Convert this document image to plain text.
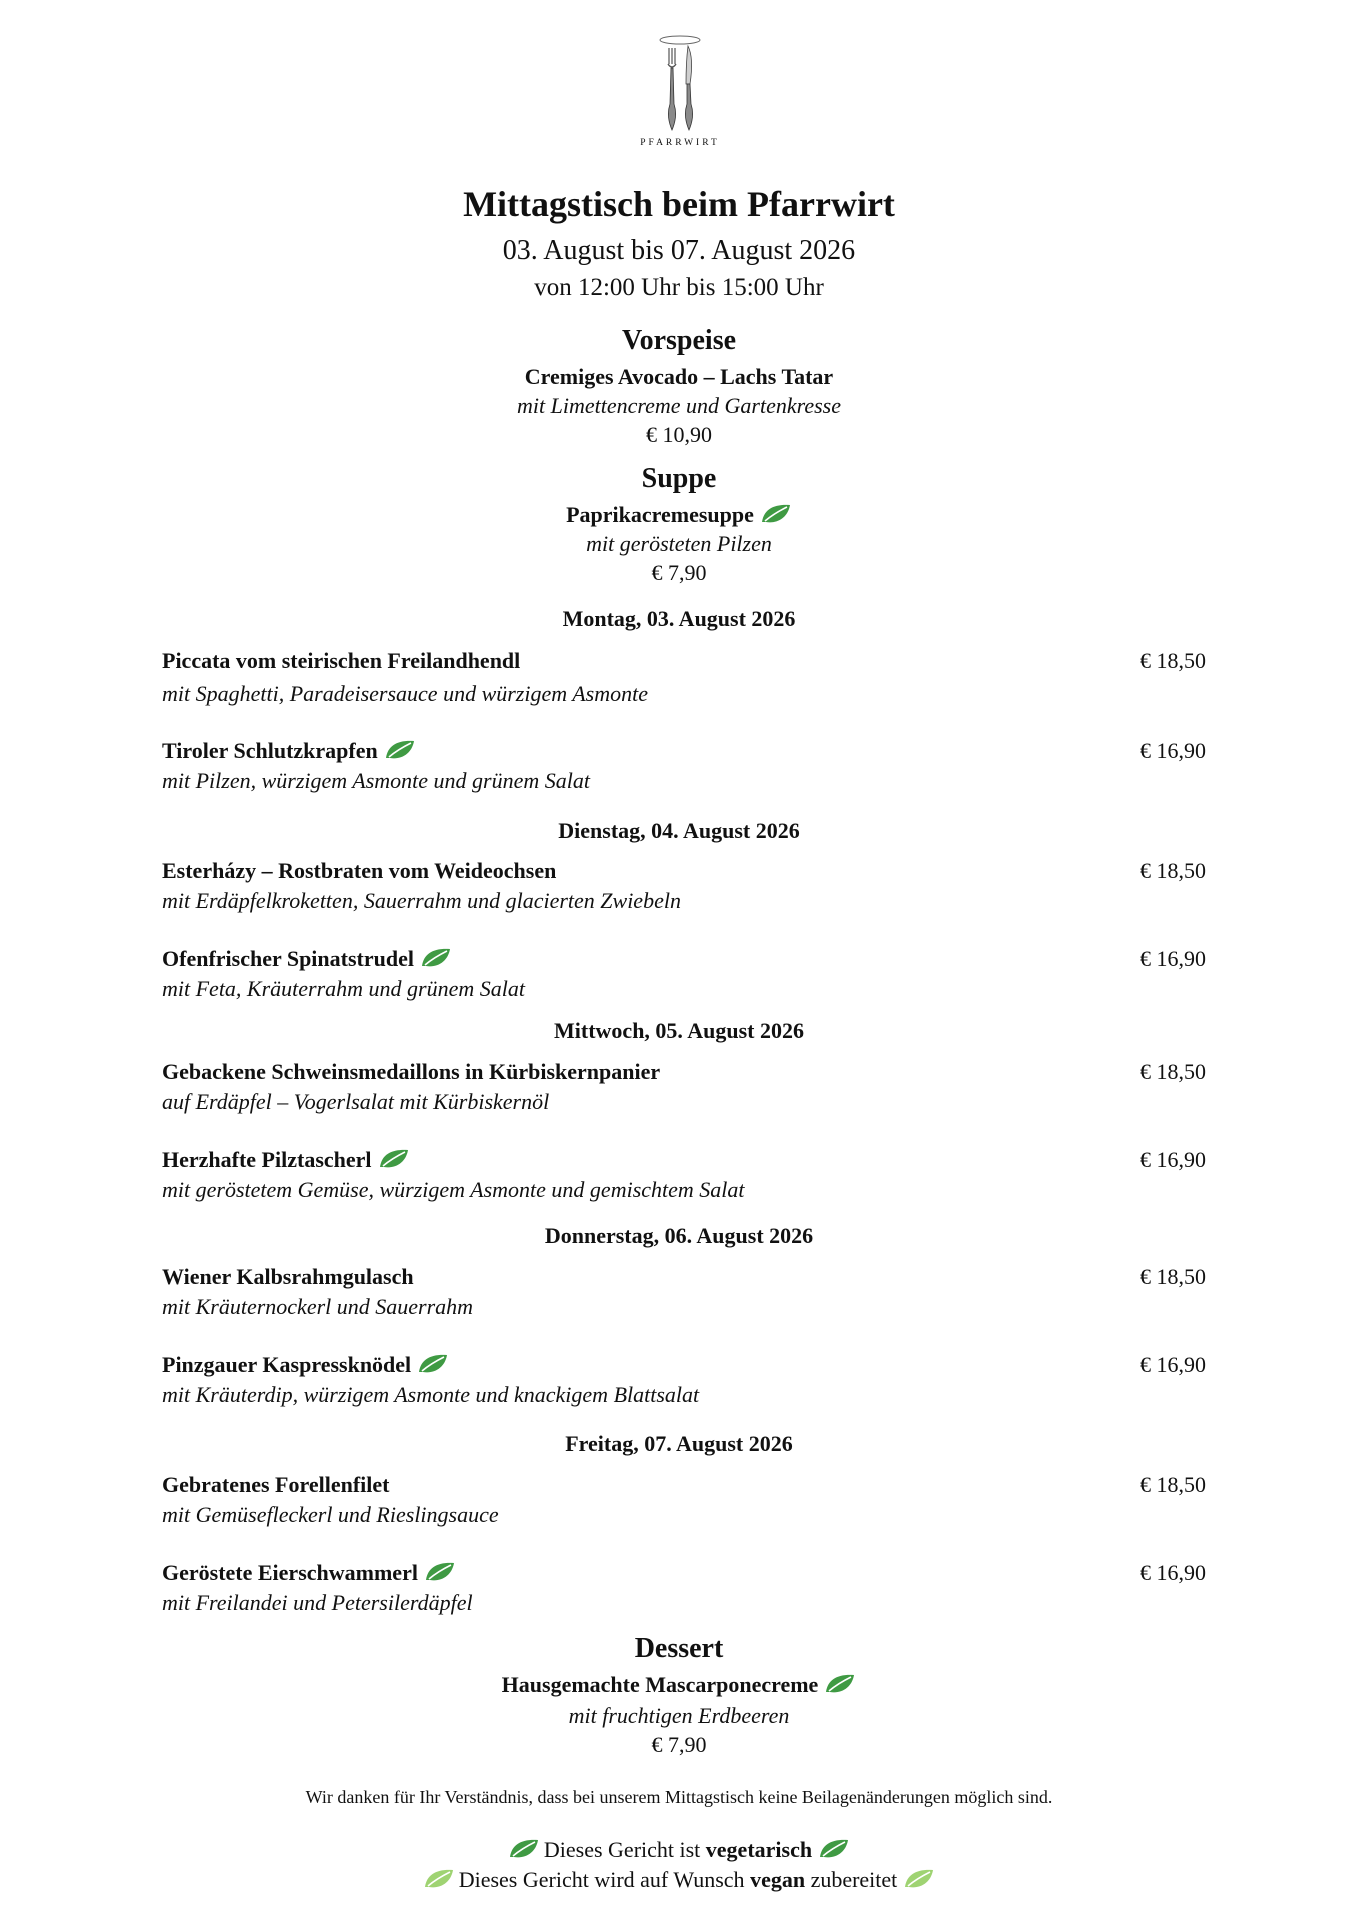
PFARRWIRT
Mittagstisch beim Pfarrwirt
03. August bis 07. August 2026
von 12:00 Uhr bis 15:00 Uhr
Vorspeise
Cremiges Avocado – Lachs Tatar
mit Limettencreme und Gartenkresse
€ 10,90
Suppe
Paprikacremesuppe
mit gerösteten Pilzen
€ 7,90
Montag, 03. August 2026
Piccata vom steirischen Freilandhendl	€ 18,50
mit Spaghetti, Paradeisersauce und würzigem Asmonte
Tiroler Schlutzkrapfen	€ 16,90
mit Pilzen, würzigem Asmonte und grünem Salat
Dienstag, 04. August 2026
Esterházy – Rostbraten vom Weideochsen	€ 18,50
mit Erdäpfelkroketten, Sauerrahm und glacierten Zwiebeln
Ofenfrischer Spinatstrudel	€ 16,90
mit Feta, Kräuterrahm und grünem Salat
Mittwoch, 05. August 2026
Gebackene Schweinsmedaillons in Kürbiskernpanier	€ 18,50
auf Erdäpfel – Vogerlsalat mit Kürbiskernöl
Herzhafte Pilztascherl	€ 16,90
mit geröstetem Gemüse, würzigem Asmonte und gemischtem Salat
Donnerstag, 06. August 2026
Wiener Kalbsrahmgulasch	€ 18,50
mit Kräuternockerl und Sauerrahm
Pinzgauer Kaspressknödel	€ 16,90
mit Kräuterdip, würzigem Asmonte und knackigem Blattsalat
Freitag, 07. August 2026
Gebratenes Forellenfilet	€ 18,50
mit Gemüsefleckerl und Rieslingsauce
Geröstete Eierschwammerl	€ 16,90
mit Freilandei und Petersilerdäpfel
Dessert
Hausgemachte Mascarponecreme
mit fruchtigen Erdbeeren
€ 7,90
Wir danken für Ihr Verständnis, dass bei unserem Mittagstisch keine Beilagenänderungen möglich sind.
Dieses Gericht ist vegetarisch
Dieses Gericht wird auf Wunsch vegan zubereitet
